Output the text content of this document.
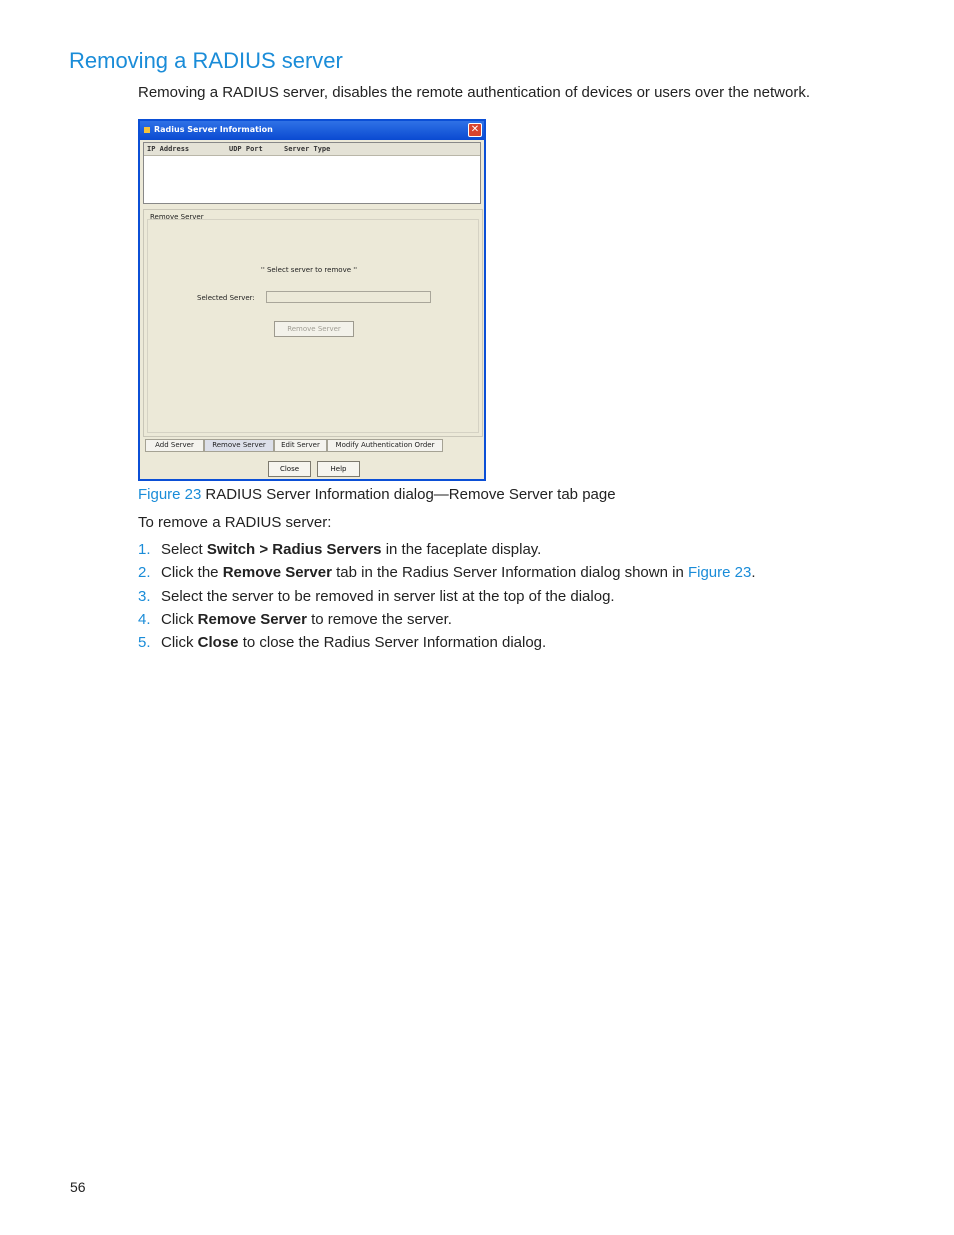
Removing a RADIUS server
Removing a RADIUS server, disables the remote authentication of devices or users over the network.
Radius Server Information	✕
IP Address	UDP Port	Server Type
Remove Server
'' Select server to remove ''
Selected Server:
Remove Server
Add Server	Remove Server	Edit Server	Modify Authentication Order
Close	Help
Figure 23 RADIUS Server Information dialog—Remove Server tab page
To remove a RADIUS server:
1. Select Switch > Radius Servers in the faceplate display.
2. Click the Remove Server tab in the Radius Server Information dialog shown in Figure 23.
3. Select the server to be removed in server list at the top of the dialog.
4. Click Remove Server to remove the server.
5. Click Close to close the Radius Server Information dialog.
56
